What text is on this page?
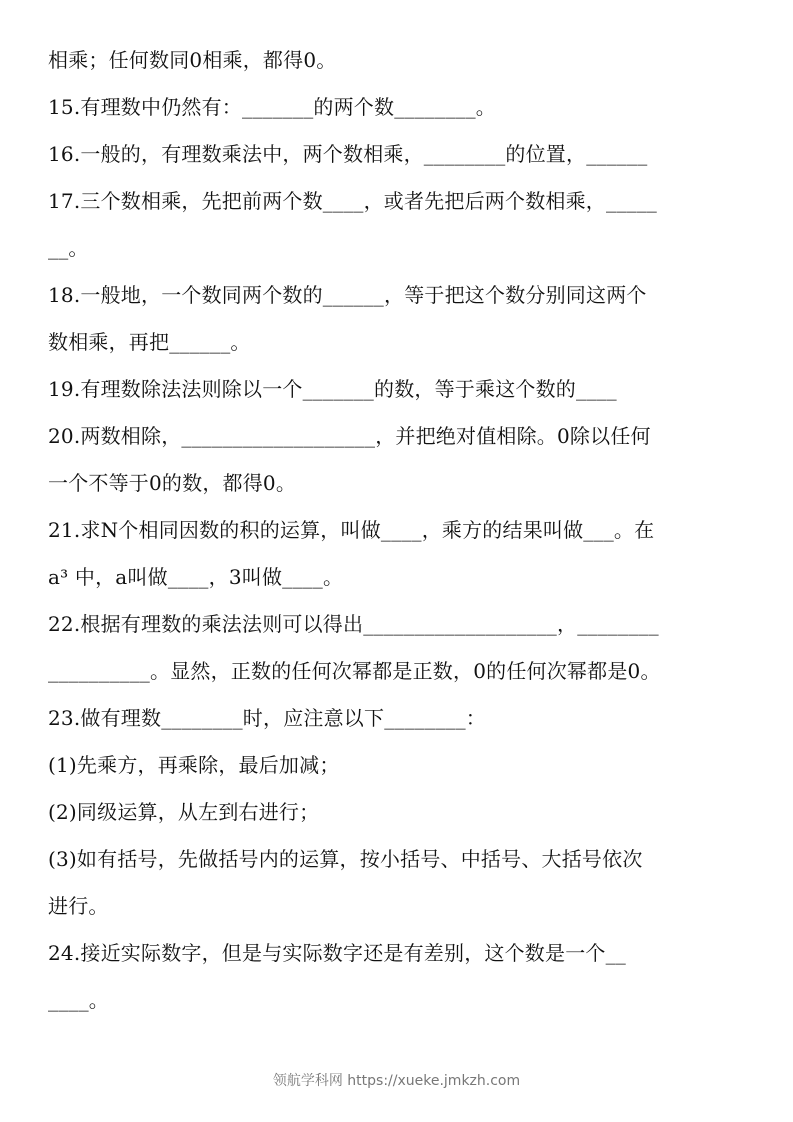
相乘；任何数同0相乘，都得0。
15.有理数中仍然有：_______的两个数________。
16.一般的，有理数乘法中，两个数相乘，________的位置，______
17.三个数相乘，先把前两个数____，或者先把后两个数相乘，_____
__。
18.一般地，一个数同两个数的______，等于把这个数分别同这两个
数相乘，再把______。
19.有理数除法法则除以一个_______的数，等于乘这个数的____
20.两数相除，___________________，并把绝对值相除。0除以任何
一个不等于0的数，都得0。
21.求N个相同因数的积的运算，叫做____，乘方的结果叫做___。在
a³ 中，a叫做____，3叫做____。
22.根据有理数的乘法法则可以得出___________________，________
__________。显然，正数的任何次幂都是正数，0的任何次幂都是0。
23.做有理数________时，应注意以下________：
(1)先乘方，再乘除，最后加减；
(2)同级运算，从左到右进行；
(3)如有括号，先做括号内的运算，按小括号、中括号、大括号依次
进行。
24.接近实际数字，但是与实际数字还是有差别，这个数是一个__
____。
领航学科网 https://xueke.jmkzh.com
